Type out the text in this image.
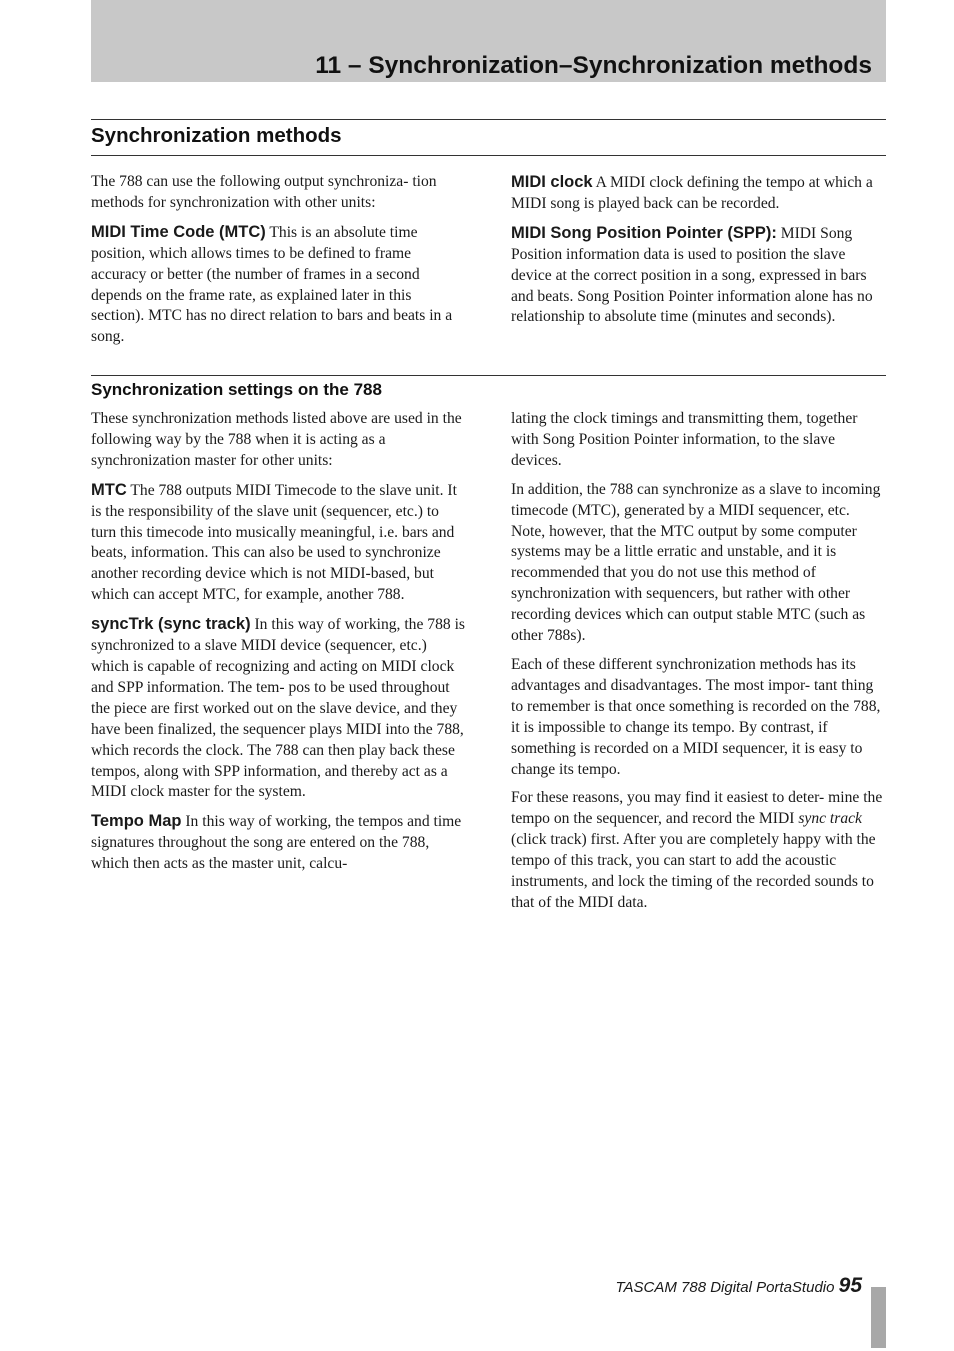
11 – Synchronization–Synchronization methods
Synchronization methods

The 788 can use the following output synchroniza- tion methods for synchronization with other units:

MIDI Time Code (MTC) This is an absolute time position, which allows times to be defined to frame accuracy or better (the number of frames in a second depends on the frame rate, as explained later in this section). MTC has no direct relation to bars and beats in a song.

MIDI clock A MIDI clock defining the tempo at which a MIDI song is played back can be recorded.

MIDI Song Position Pointer (SPP): MIDI Song Position information data is used to position the slave device at the correct position in a song, expressed in bars and beats. Song Position Pointer information alone has no relationship to absolute time (minutes and seconds).

Synchronization settings on the 788

These synchronization methods listed above are used in the following way by the 788 when it is acting as a synchronization master for other units:

MTC The 788 outputs MIDI Timecode to the slave unit. It is the responsibility of the slave unit (sequencer, etc.) to turn this timecode into musically meaningful, i.e. bars and beats, information. This can also be used to synchronize another recording device which is not MIDI-based, but which can accept MTC, for example, another 788.

syncTrk (sync track) In this way of working, the 788 is synchronized to a slave MIDI device (sequencer, etc.) which is capable of recognizing and acting on MIDI clock and SPP information. The tem- pos to be used throughout the piece are first worked out on the slave device, and they have been finalized, the sequencer plays MIDI into the 788, which records the clock. The 788 can then play back these tempos, along with SPP information, and thereby act as a MIDI clock master for the system.

Tempo Map In this way of working, the tempos and time signatures throughout the song are entered on the 788, which then acts as the master unit, calcu-

lating the clock timings and transmitting them, together with Song Position Pointer information, to the slave devices.

In addition, the 788 can synchronize as a slave to incoming timecode (MTC), generated by a MIDI sequencer, etc. Note, however, that the MTC output by some computer systems may be a little erratic and unstable, and it is recommended that you do not use this method of synchronization with sequencers, but rather with other recording devices which can output stable MTC (such as other 788s).

Each of these different synchronization methods has its advantages and disadvantages. The most impor- tant thing to remember is that once something is recorded on the 788, it is impossible to change its tempo. By contrast, if something is recorded on a MIDI sequencer, it is easy to change its tempo.

For these reasons, you may find it easiest to deter- mine the tempo on the sequencer, and record the MIDI sync track (click track) first. After you are completely happy with the tempo of this track, you can start to add the acoustic instruments, and lock the timing of the recorded sounds to that of the MIDI data.

TASCAM 788 Digital PortaStudio 95
